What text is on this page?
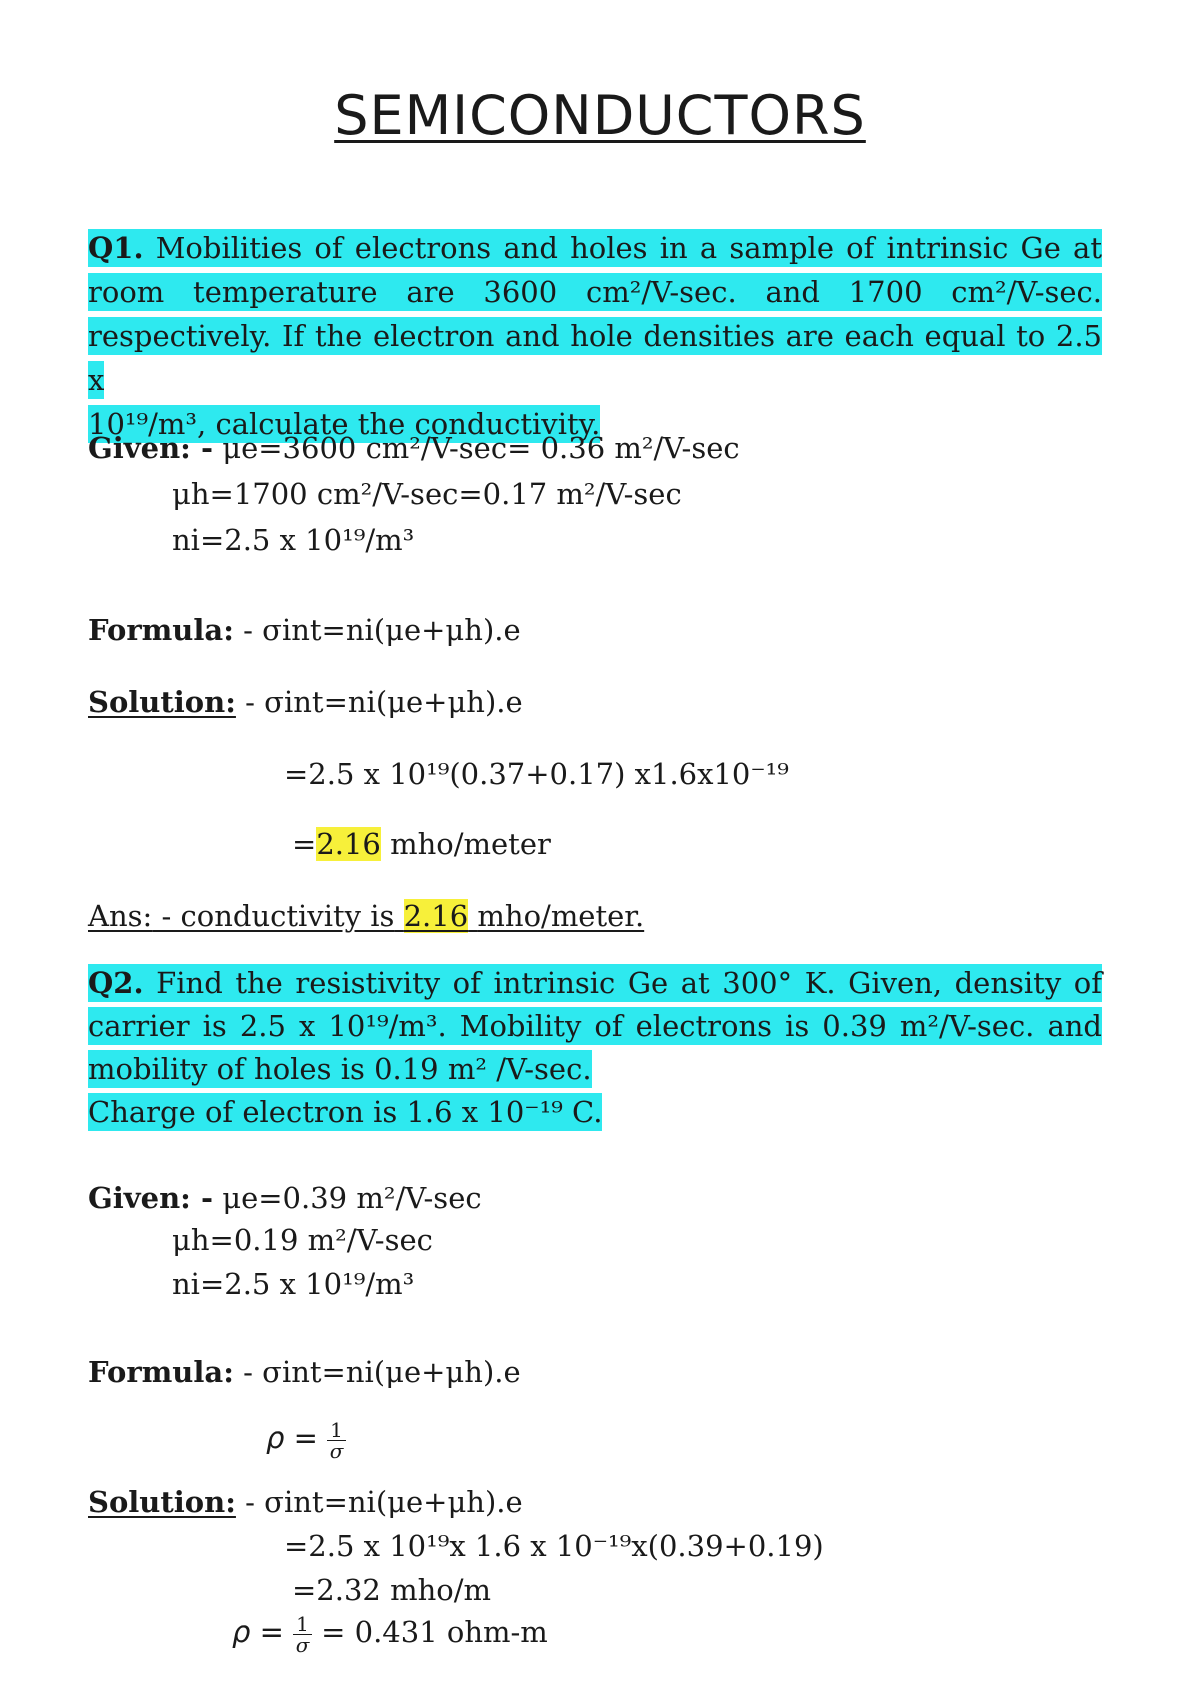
SEMICONDUCTORS
Q1. Mobilities of electrons and holes in a sample of intrinsic Ge at
room temperature are 3600 cm²/V-sec. and 1700 cm²/V-sec.
respectively. If the electron and hole densities are each equal to 2.5 x
10¹⁹/m³, calculate the conductivity.
Given: - μe=3600 cm²/V-sec= 0.36 m²/V-sec
μh=1700 cm²/V-sec=0.17 m²/V-sec
ni=2.5 x 10¹⁹/m³
Formula: - σint=ni(μe+μh).e
Solution: - σint=ni(μe+μh).e
=2.5 x 10¹⁹(0.37+0.17) x1.6x10⁻¹⁹
=2.16 mho/meter
Ans: - conductivity is 2.16 mho/meter.
Q2. Find the resistivity of intrinsic Ge at 300° K. Given, density of
carrier is 2.5 x 10¹⁹/m³. Mobility of electrons is 0.39 m²/V-sec. and
mobility of holes is 0.19 m² /V-sec.
Charge of electron is 1.6 x 10⁻¹⁹ C.
Given: - μe=0.39 m²/V-sec
μh=0.19 m²/V-sec
ni=2.5 x 10¹⁹/m³
Formula: - σint=ni(μe+μh).e
$\rho = \frac{1}{\sigma}$
Solution: - σint=ni(μe+μh).e
=2.5 x 10¹⁹x 1.6 x 10⁻¹⁹x(0.39+0.19)
=2.32 mho/m
$\rho = \frac{1}{\sigma} = 0.431$ ohm-m
